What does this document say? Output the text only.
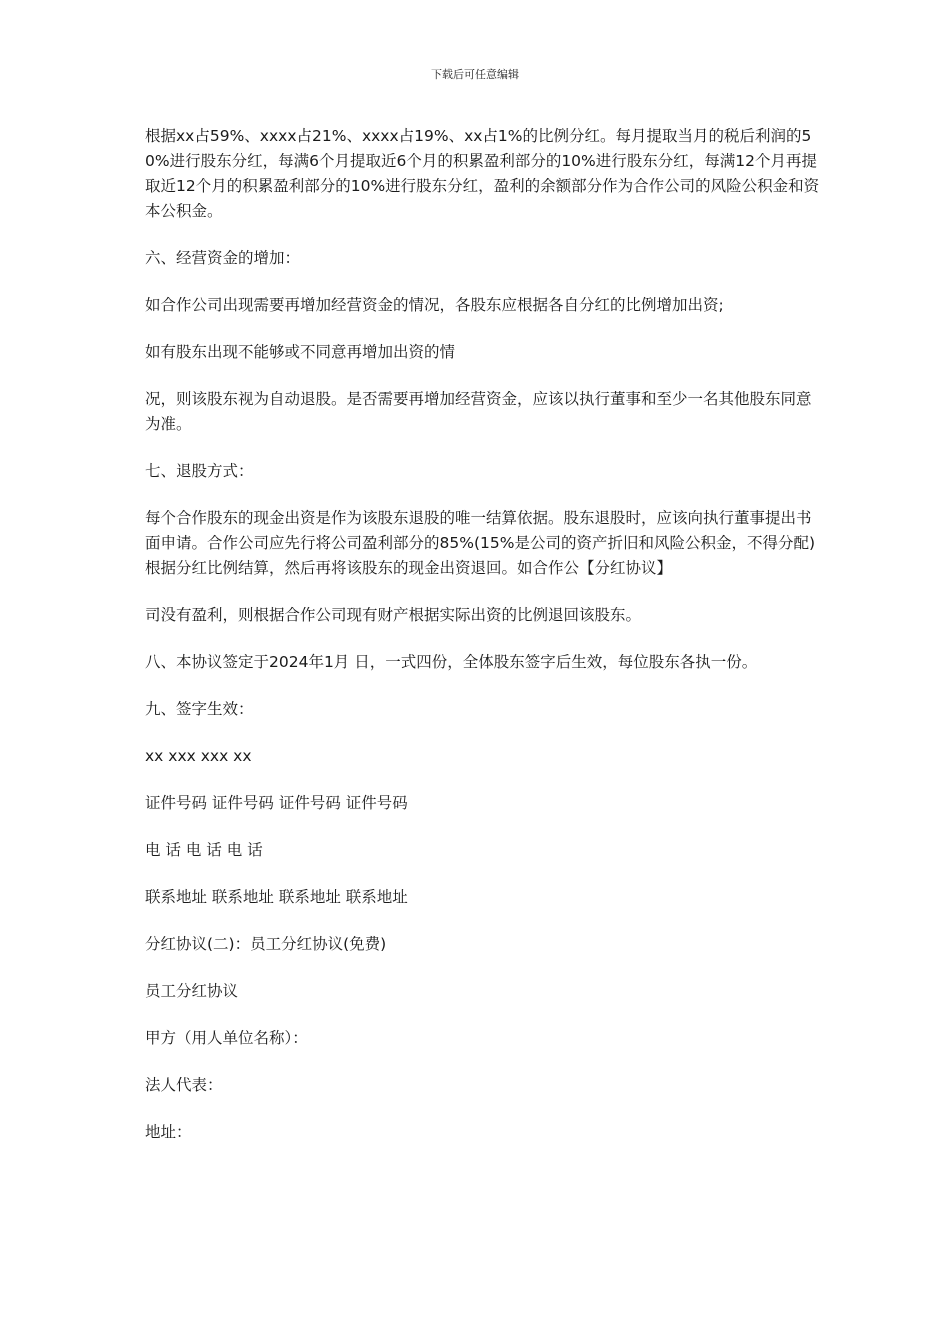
下载后可任意编辑

根据xx占59%、xxxx占21%、xxxx占19%、xx占1%的比例分红。每月提取当月的税后利润的50%进行股东分红，每满6个月提取近6个月的积累盈利部分的10%进行股东分红，每满12个月再提取近12个月的积累盈利部分的10%进行股东分红，盈利的余额部分作为合作公司的风险公积金和资本公积金。

六、经营资金的增加：

如合作公司出现需要再增加经营资金的情况，各股东应根据各自分红的比例增加出资;

如有股东出现不能够或不同意再增加出资的情

况，则该股东视为自动退股。是否需要再增加经营资金，应该以执行董事和至少一名其他股东同意为准。

七、退股方式：

每个合作股东的现金出资是作为该股东退股的唯一结算依据。股东退股时，应该向执行董事提出书面申请。合作公司应先行将公司盈利部分的85%(15%是公司的资产折旧和风险公积金，不得分配)根据分红比例结算，然后再将该股东的现金出资退回。如合作公【分红协议】

司没有盈利，则根据合作公司现有财产根据实际出资的比例退回该股东。

八、本协议签定于2024年1月 日，一式四份，全体股东签字后生效，每位股东各执一份。

九、签字生效：

xx xxx xxx xx

证件号码 证件号码 证件号码 证件号码

电 话 电 话 电 话

联系地址 联系地址 联系地址 联系地址

分红协议(二)：员工分红协议(免费)

员工分红协议

甲方（用人单位名称）：

法人代表：

地址：
